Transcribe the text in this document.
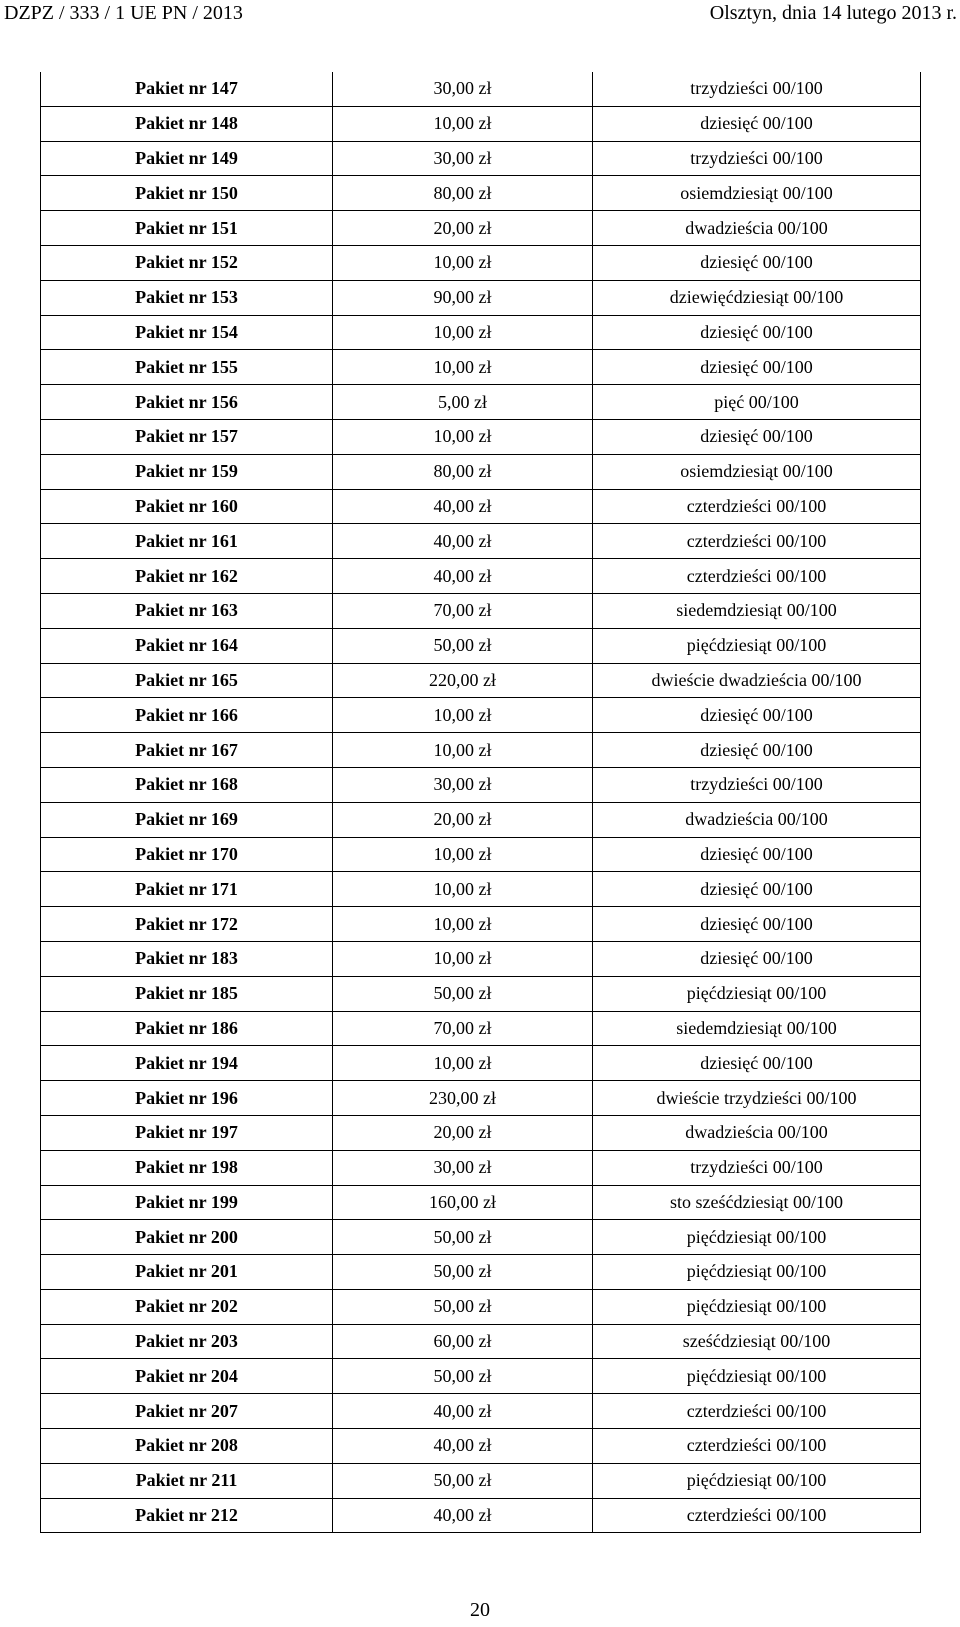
DZPZ / 333 / 1 UE PN / 2013	Olsztyn, dnia 14 lutego 2013 r.
Pakiet nr 147	30,00 zł	trzydzieści 00/100
Pakiet nr 148	10,00 zł	dziesięć 00/100
Pakiet nr 149	30,00 zł	trzydzieści 00/100
Pakiet nr 150	80,00 zł	osiemdziesiąt 00/100
Pakiet nr 151	20,00 zł	dwadzieścia 00/100
Pakiet nr 152	10,00 zł	dziesięć 00/100
Pakiet nr 153	90,00 zł	dziewięćdziesiąt 00/100
Pakiet nr 154	10,00 zł	dziesięć 00/100
Pakiet nr 155	10,00 zł	dziesięć 00/100
Pakiet nr 156	5,00 zł	pięć 00/100
Pakiet nr 157	10,00 zł	dziesięć 00/100
Pakiet nr 159	80,00 zł	osiemdziesiąt 00/100
Pakiet nr 160	40,00 zł	czterdzieści 00/100
Pakiet nr 161	40,00 zł	czterdzieści 00/100
Pakiet nr 162	40,00 zł	czterdzieści 00/100
Pakiet nr 163	70,00 zł	siedemdziesiąt 00/100
Pakiet nr 164	50,00 zł	pięćdziesiąt 00/100
Pakiet nr 165	220,00 zł	dwieście dwadzieścia 00/100
Pakiet nr 166	10,00 zł	dziesięć 00/100
Pakiet nr 167	10,00 zł	dziesięć 00/100
Pakiet nr 168	30,00 zł	trzydzieści 00/100
Pakiet nr 169	20,00 zł	dwadzieścia 00/100
Pakiet nr 170	10,00 zł	dziesięć 00/100
Pakiet nr 171	10,00 zł	dziesięć 00/100
Pakiet nr 172	10,00 zł	dziesięć 00/100
Pakiet nr 183	10,00 zł	dziesięć 00/100
Pakiet nr 185	50,00 zł	pięćdziesiąt 00/100
Pakiet nr 186	70,00 zł	siedemdziesiąt 00/100
Pakiet nr 194	10,00 zł	dziesięć 00/100
Pakiet nr 196	230,00 zł	dwieście trzydzieści 00/100
Pakiet nr 197	20,00 zł	dwadzieścia 00/100
Pakiet nr 198	30,00 zł	trzydzieści 00/100
Pakiet nr 199	160,00 zł	sto sześćdziesiąt 00/100
Pakiet nr 200	50,00 zł	pięćdziesiąt 00/100
Pakiet nr 201	50,00 zł	pięćdziesiąt 00/100
Pakiet nr 202	50,00 zł	pięćdziesiąt 00/100
Pakiet nr 203	60,00 zł	sześćdziesiąt 00/100
Pakiet nr 204	50,00 zł	pięćdziesiąt 00/100
Pakiet nr 207	40,00 zł	czterdzieści 00/100
Pakiet nr 208	40,00 zł	czterdzieści 00/100
Pakiet nr 211	50,00 zł	pięćdziesiąt 00/100
Pakiet nr 212	40,00 zł	czterdzieści 00/100
20
